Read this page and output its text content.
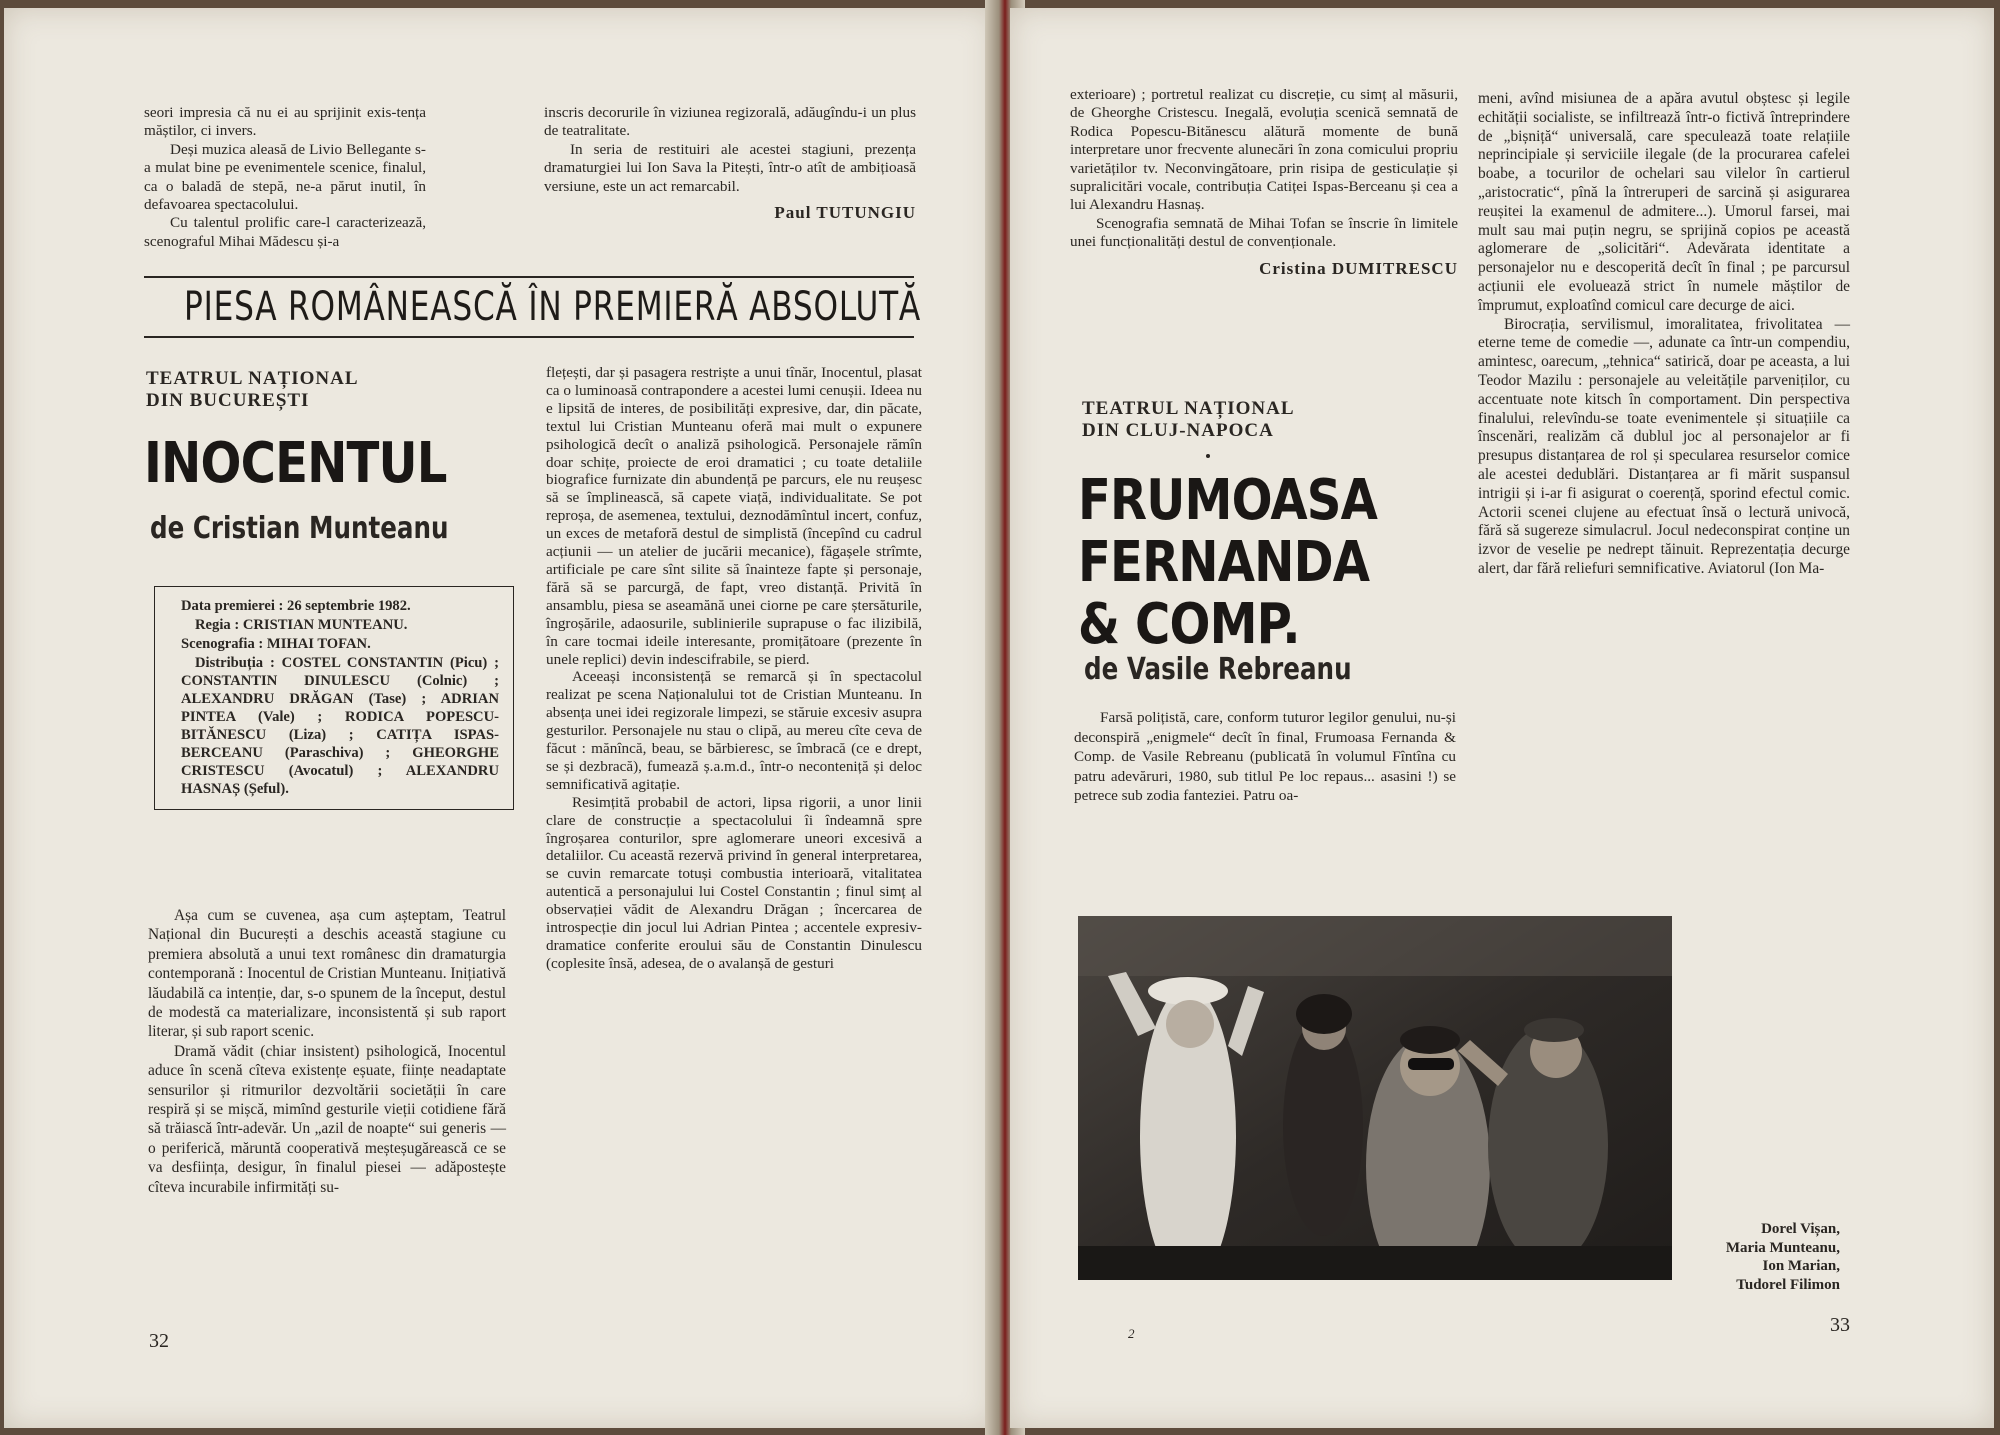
seori impresia că nu ei au sprijinit exis-tența măștilor, ci invers.

Deși muzica aleasă de Livio Bellegante s-a mulat bine pe evenimentele scenice, finalul, ca o baladă de stepă, ne-a părut inutil, în defavoarea spectacolului.

Cu talentul prolific care-l caracterizează, scenograful Mihai Mădescu și-a

inscris decorurile în viziunea regizorală, adăugîndu-i un plus de teatralitate.

In seria de restituiri ale acestei stagiuni, prezența dramaturgiei lui Ion Sava la Pitești, într-o atît de ambițioasă versiune, este un act remarcabil.

Paul TUTUNGIU
PIESA ROMÂNEASCĂ ÎN PREMIERĂ ABSOLUTĂ
TEATRUL NAȚIONAL
DIN BUCUREȘTI
INOCENTUL
de Cristian Munteanu

Data premierei : 26 septembrie 1982.

Regia : CRISTIAN MUNTEANU.

Scenografia : MIHAI TOFAN.

Distribuția : COSTEL CONSTANTIN (Picu) ; CONSTANTIN DINULESCU (Colnic) ; ALEXANDRU DRĂGAN (Tase) ; ADRIAN PINTEA (Vale) ; RODICA POPESCU-BITĂNESCU (Liza) ; CATIȚA ISPAS-BERCEANU (Paraschiva) ; GHEORGHE CRISTESCU (Avocatul) ; ALEXANDRU HASNAȘ (Șeful).

Așa cum se cuvenea, așa cum așteptam, Teatrul Național din București a deschis această stagiune cu premiera absolută a unui text românesc din dramaturgia contemporană : Inocentul de Cristian Munteanu. Inițiativă lăudabilă ca intenție, dar, s-o spunem de la început, destul de modestă ca materializare, inconsistentă și sub raport literar, și sub raport scenic.

Dramă vădit (chiar insistent) psihologică, Inocentul aduce în scenă cîteva existențe eșuate, ființe neadaptate sensurilor și ritmurilor dezvoltării societății în care respiră și se mișcă, mimînd gesturile vieții cotidiene fără să trăiască într-adevăr. Un „azil de noapte“ sui generis — o periferică, măruntă cooperativă meșteșugărească ce se va desființa, desigur, în finalul piesei — adăpostește cîteva incurabile infirmități su-

flețești, dar și pasagera restriște a unui tînăr, Inocentul, plasat ca o luminoasă contrapondere a acestei lumi cenușii. Ideea nu e lipsită de interes, de posibilități expresive, dar, din păcate, textul lui Cristian Munteanu oferă mai mult o expunere psihologică decît o analiză psihologică. Personajele rămîn doar schițe, proiecte de eroi dramatici ; cu toate detaliile biografice furnizate din abundență pe parcurs, ele nu reușesc să se împlinească, să capete viață, individualitate. Se pot reproșa, de asemenea, textului, deznodămîntul incert, confuz, un exces de metaforă destul de simplistă (începînd cu cadrul acțiunii — un atelier de jucării mecanice), făgașele strîmte, artificiale pe care sînt silite să înainteze fapte și personaje, fără să se parcurgă, de fapt, vreo distanță. Privită în ansamblu, piesa se aseamănă unei ciorne pe care ștersăturile, îngroșările, adaosurile, sublinierile suprapuse o fac ilizibilă, în care tocmai ideile interesante, promițătoare (prezente în unele replici) devin indescifrabile, se pierd.

Aceeași inconsistență se remarcă și în spectacolul realizat pe scena Naționalului tot de Cristian Munteanu. In absența unei idei regizorale limpezi, se stăruie excesiv asupra gesturilor. Personajele nu stau o clipă, au mereu cîte ceva de făcut : mănîncă, beau, se bărbieresc, se îmbracă (ce e drept, se și dezbracă), fumează ș.a.m.d., într-o neconteniță și deloc semnificativă agitație.

Resimțită probabil de actori, lipsa rigorii, a unor linii clare de construcție a spectacolului îi îndeamnă spre îngroșarea conturilor, spre aglomerare uneori excesivă a detaliilor. Cu această rezervă privind în general interpretarea, se cuvin remarcate totuși combustia interioară, vitalitatea autentică a personajului lui Costel Constantin ; finul simț al observației vădit de Alexandru Drăgan ; încercarea de introspecție din jocul lui Adrian Pintea ; accentele expresiv-dramatice conferite eroului său de Constantin Dinulescu (coplesite însă, adesea, de o avalanșă de gesturi

32

exterioare) ; portretul realizat cu discreție, cu simț al măsurii, de Gheorghe Cristescu. Inegală, evoluția scenică semnată de Rodica Popescu-Bitănescu alătură momente de bună interpretare unor frecvente alunecări în zona comicului propriu varietăților tv. Neconvingătoare, prin risipa de gesticulație și supralicitări vocale, contribuția Catiței Ispas-Berceanu și cea a lui Alexandru Hasnaș.

Scenografia semnată de Mihai Tofan se înscrie în limitele unei funcționalități destul de convenționale.

Cristina DUMITRESCU
TEATRUL NAȚIONAL
DIN CLUJ-NAPOCA
FRUMOASA
FERNANDA
& COMP.
de Vasile Rebreanu

Farsă polițistă, care, conform tuturor legilor genului, nu-și deconspiră „enigmele“ decît în final, Frumoasa Fernanda & Comp. de Vasile Rebreanu (publicată în volumul Fîntîna cu patru adevăruri, 1980, sub titlul Pe loc repaus... asasini !) se petrece sub zodia fanteziei. Patru oa-

meni, avînd misiunea de a apăra avutul obștesc și legile echității socialiste, se infiltrează într-o fictivă întreprindere de „bișniță“ universală, care speculează toate relațiile neprincipiale și serviciile ilegale (de la procurarea cafelei boabe, a tocurilor de ochelari sau vilelor în cartierul „aristocratic“, pînă la întreruperi de sarcină și asigurarea reușitei la examenul de admitere...). Umorul farsei, mai mult sau mai puțin negru, se sprijină copios pe această aglomerare de „solicitări“. Adevărata identitate a personajelor nu e descoperită decît în final ; pe parcursul acțiunii ele evoluează strict în numele măștilor de împrumut, exploatînd comicul care decurge de aici.

Birocrația, servilismul, imoralitatea, frivolitatea — eterne teme de comedie —, adunate ca într-un compendiu, amintesc, oarecum, „tehnica“ satirică, doar pe aceasta, a lui Teodor Mazilu : personajele au veleitățile parveniților, cu accentuate note kitsch în comportament. Din perspectiva finalului, relevîndu-se toate evenimentele și situațiile ca înscenări, realizăm că dublul joc al personajelor ar fi presupus distanțarea de rol și specularea resurselor comice ale acestei dedublări. Distanțarea ar fi mărit suspansul intrigii și i-ar fi asigurat o coerență, sporind efectul comic. Actorii scenei clujene au efectuat însă o lectură univocă, fără să sugereze simulacrul. Jocul nedeconspirat conține un izvor de veselie pe nedrept tăinuit. Reprezentația decurge alert, dar fără reliefuri semnificative. Aviatorul (Ion Ma-

Dorel Vișan,
Maria Munteanu,
Ion Marian,
Tudorel Filimon
2	33
